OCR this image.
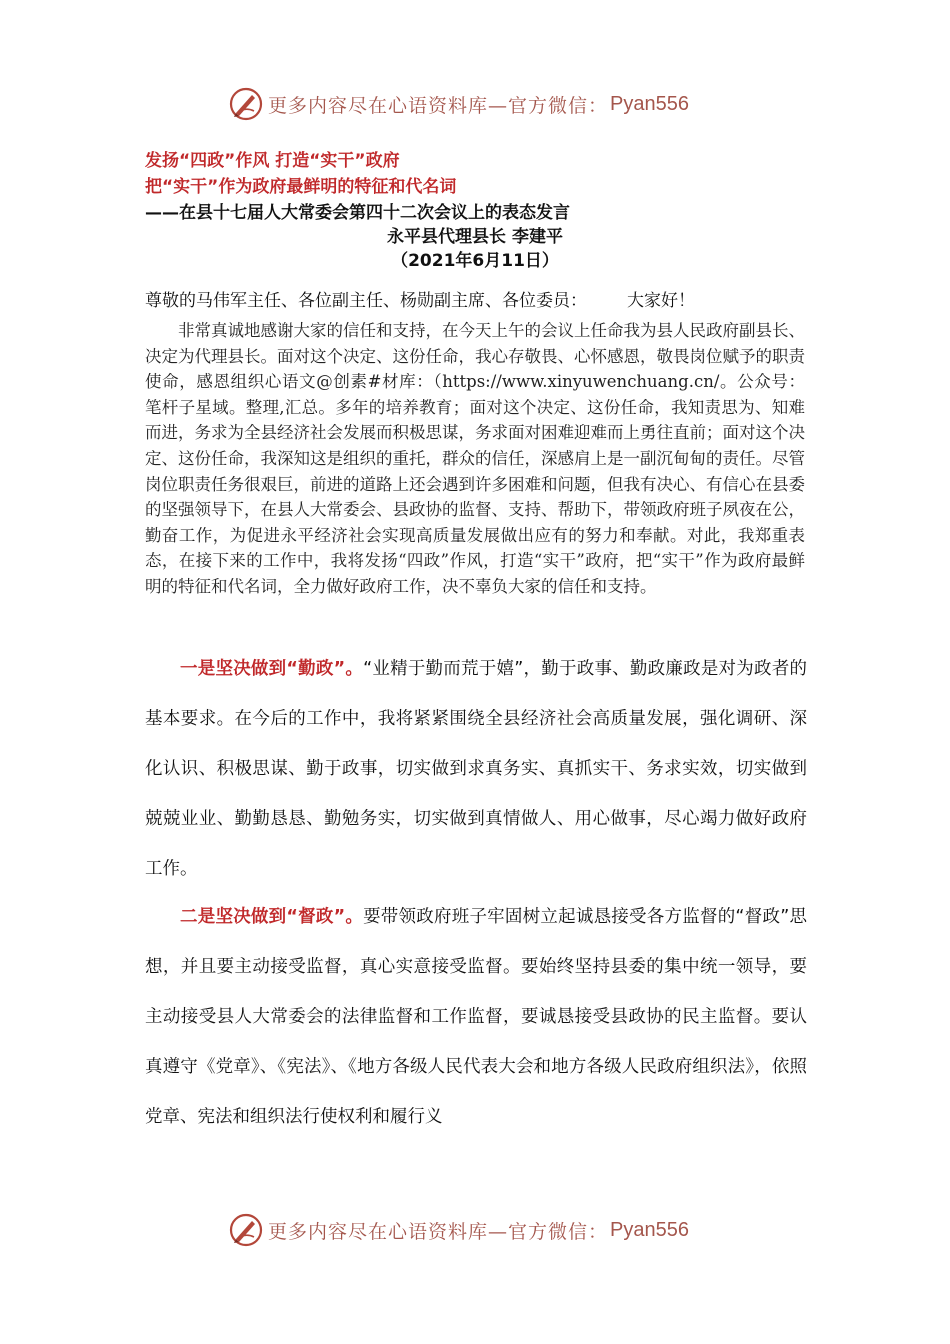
更多内容尽在心语资料库—官方微信： Pyan556
发扬“四政”作风 打造“实干”政府
把“实干”作为政府最鲜明的特征和代名词
——在县十七届人大常委会第四十二次会议上的表态发言
永平县代理县长 李建平
（2021年6月11日）
尊敬的马伟军主任、各位副主任、杨勋副主席、各位委员： 大家好！
非常真诚地感谢大家的信任和支持，在今天上午的会议上任命我为县人民政府副县长、决定为代理县长。面对这个决定、这份任命，我心存敬畏、心怀感恩，敬畏岗位赋予的职责使命，感恩组织心语文@创素#材库：（https://www.xinyuwenchuang.cn/。公众号：笔杆子星域。整理,汇总。多年的培养教育；面对这个决定、这份任命，我知责思为、知难而进，务求为全县经济社会发展而积极思谋，务求面对困难迎难而上勇往直前；面对这个决定、这份任命，我深知这是组织的重托，群众的信任，深感肩上是一副沉甸甸的责任。尽管岗位职责任务很艰巨，前进的道路上还会遇到许多困难和问题，但我有决心、有信心在县委的坚强领导下，在县人大常委会、县政协的监督、支持、帮助下，带领政府班子夙夜在公，勤奋工作，为促进永平经济社会实现高质量发展做出应有的努力和奉献。对此，我郑重表态，在接下来的工作中，我将发扬“四政”作风，打造“实干”政府，把“实干”作为政府最鲜明的特征和代名词，全力做好政府工作，决不辜负大家的信任和支持。
一是坚决做到“勤政”。“业精于勤而荒于嬉”，勤于政事、勤政廉政是对为政者的基本要求。在今后的工作中，我将紧紧围绕全县经济社会高质量发展，强化调研、深化认识、积极思谋、勤于政事，切实做到求真务实、真抓实干、务求实效，切实做到兢兢业业、勤勤恳恳、勤勉务实，切实做到真情做人、用心做事，尽心竭力做好政府工作。
二是坚决做到“督政”。要带领政府班子牢固树立起诚恳接受各方监督的“督政”思想，并且要主动接受监督，真心实意接受监督。要始终坚持县委的集中统一领导，要主动接受县人大常委会的法律监督和工作监督，要诚恳接受县政协的民主监督。要认真遵守《党章》、《宪法》、《地方各级人民代表大会和地方各级人民政府组织法》，依照党章、宪法和组织法行使权利和履行义
更多内容尽在心语资料库—官方微信： Pyan556
